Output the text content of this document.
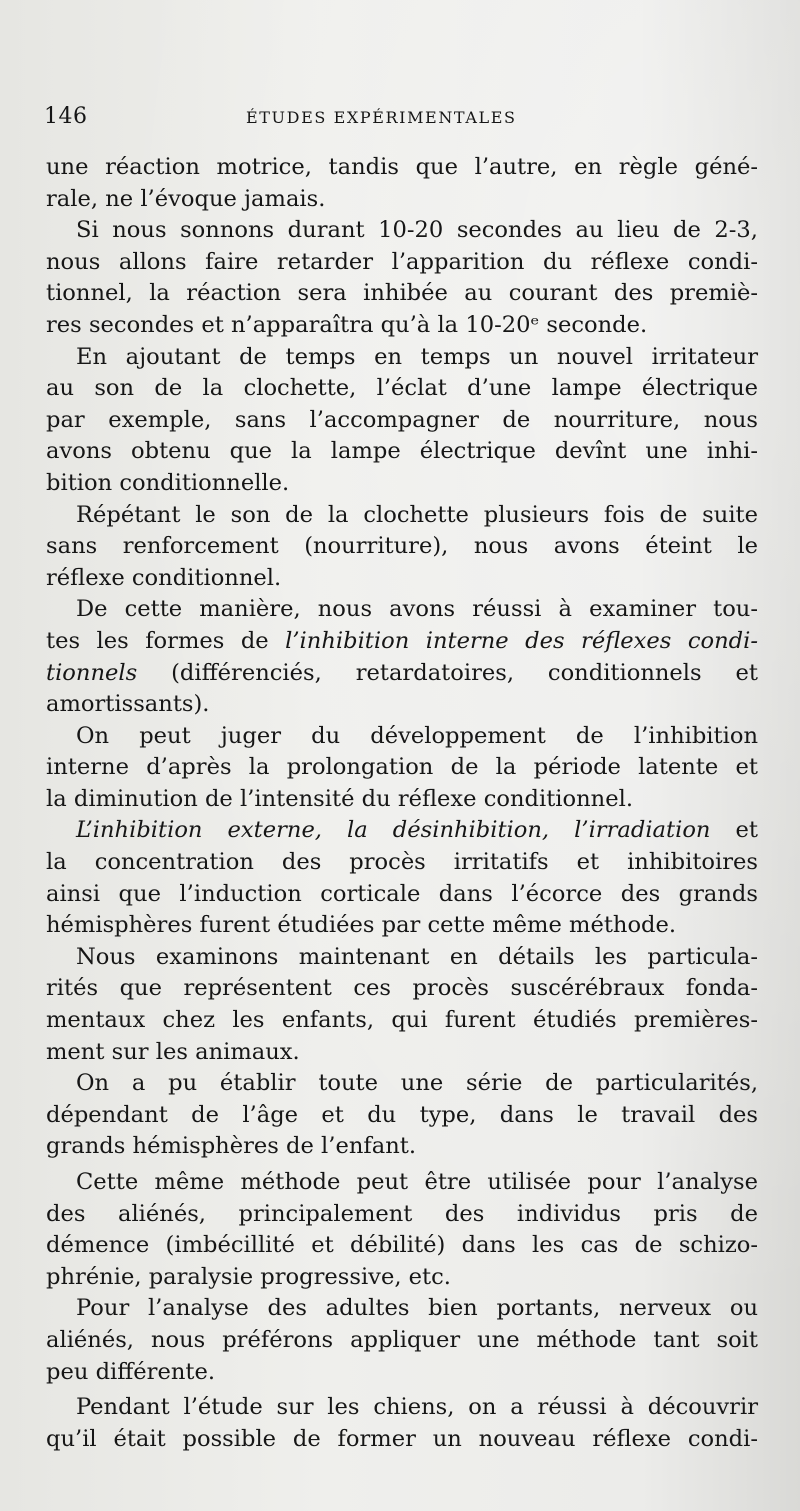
146	ÉTUDES EXPÉRIMENTALES

une réaction motrice, tandis que l’autre, en règle géné-
rale, ne l’évoque jamais.

Si nous sonnons durant 10-20 secondes au lieu de 2-3,
nous allons faire retarder l’apparition du réflexe condi-
tionnel, la réaction sera inhibée au courant des premiè-
res secondes et n’apparaîtra qu’à la 10-20ᵉ seconde.

En ajoutant de temps en temps un nouvel irritateur
au son de la clochette, l’éclat d’une lampe électrique
par exemple, sans l’accompagner de nourriture, nous
avons obtenu que la lampe électrique devînt une inhi-
bition conditionnelle.

Répétant le son de la clochette plusieurs fois de suite
sans renforcement (nourriture), nous avons éteint le
réflexe conditionnel.

De cette manière, nous avons réussi à examiner tou-
tes les formes de l’inhibition interne des réflexes condi-
tionnels (différenciés, retardatoires, conditionnels et
amortissants).

On peut juger du développement de l’inhibition
interne d’après la prolongation de la période latente et
la diminution de l’intensité du réflexe conditionnel.

L’inhibition externe, la désinhibition, l’irradiation et
la concentration des procès irritatifs et inhibitoires
ainsi que l’induction corticale dans l’écorce des grands
hémisphères furent étudiées par cette même méthode.

Nous examinons maintenant en détails les particula-
rités que représentent ces procès suscérébraux fonda-
mentaux chez les enfants, qui furent étudiés premières-
ment sur les animaux.

On a pu établir toute une série de particularités,
dépendant de l’âge et du type, dans le travail des
grands hémisphères de l’enfant.

Cette même méthode peut être utilisée pour l’analyse
des aliénés, principalement des individus pris de
démence (imbécillité et débilité) dans les cas de schizo-
phrénie, paralysie progressive, etc.

Pour l’analyse des adultes bien portants, nerveux ou
aliénés, nous préférons appliquer une méthode tant soit
peu différente.

Pendant l’étude sur les chiens, on a réussi à découvrir
qu’il était possible de former un nouveau réflexe condi-
